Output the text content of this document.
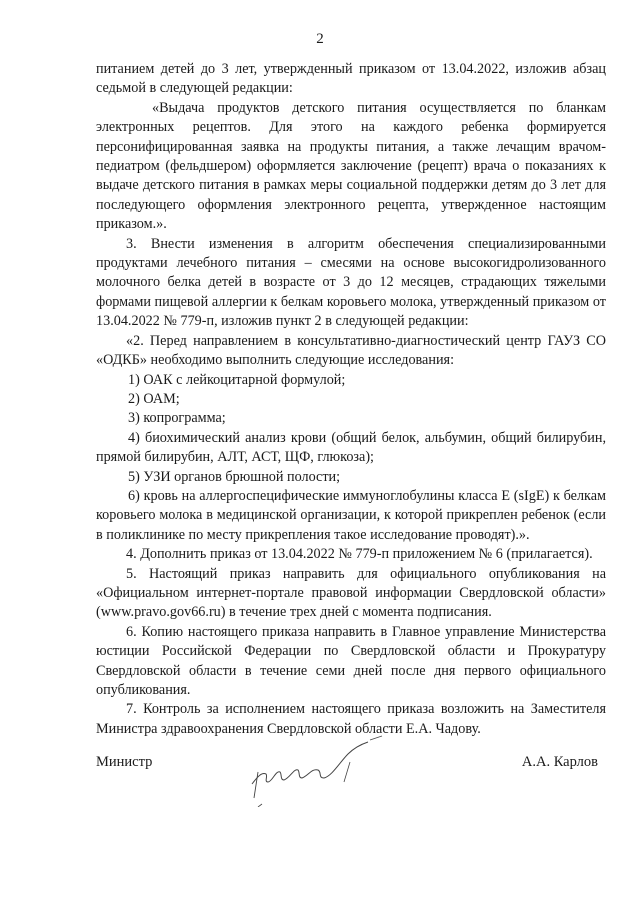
2

питанием детей до 3 лет, утвержденный приказом от 13.04.2022, изложив абзац седьмой в следующей редакции:

«Выдача продуктов детского питания осуществляется по бланкам электронных рецептов. Для этого на каждого ребенка формируется персонифицированная заявка на продукты питания, а также лечащим врачом-педиатром (фельдшером) оформляется заключение (рецепт) врача о показаниях к выдаче детского питания в рамках меры социальной поддержки детям до 3 лет для последующего оформления электронного рецепта, утвержденное настоящим приказом.».

3. Внести изменения в алгоритм обеспечения специализированными продуктами лечебного питания – смесями на основе высокогидролизованного молочного белка детей в возрасте от 3 до 12 месяцев, страдающих тяжелыми формами пищевой аллергии к белкам коровьего молока, утвержденный приказом от 13.04.2022 № 779-п, изложив пункт 2 в следующей редакции:

«2. Перед направлением в консультативно-диагностический центр ГАУЗ СО «ОДКБ» необходимо выполнить следующие исследования:

1) ОАК с лейкоцитарной формулой;

2) ОАМ;

3) копрограмма;

4) биохимический анализ крови (общий белок, альбумин, общий билирубин, прямой билирубин, АЛТ, АСТ, ЩФ, глюкоза);

5) УЗИ органов брюшной полости;

6) кровь на аллергоспецифические иммуноглобулины класса Е (sIgE) к белкам коровьего молока в медицинской организации, к которой прикреплен ребенок (если в поликлинике по месту прикрепления такое исследование проводят).».

4. Дополнить приказ от 13.04.2022 № 779-п приложением № 6 (прилагается).

5. Настоящий приказ направить для официального опубликования на «Официальном интернет-портале правовой информации Свердловской области» (www.pravo.gov66.ru) в течение трех дней с момента подписания.

6. Копию настоящего приказа направить в Главное управление Министерства юстиции Российской Федерации по Свердловской области и Прокуратуру Свердловской области в течение семи дней после дня первого официального опубликования.

7. Контроль за исполнением настоящего приказа возложить на Заместителя Министра здравоохранения Свердловской области Е.А. Чадову.

Министр	А.А. Карлов
